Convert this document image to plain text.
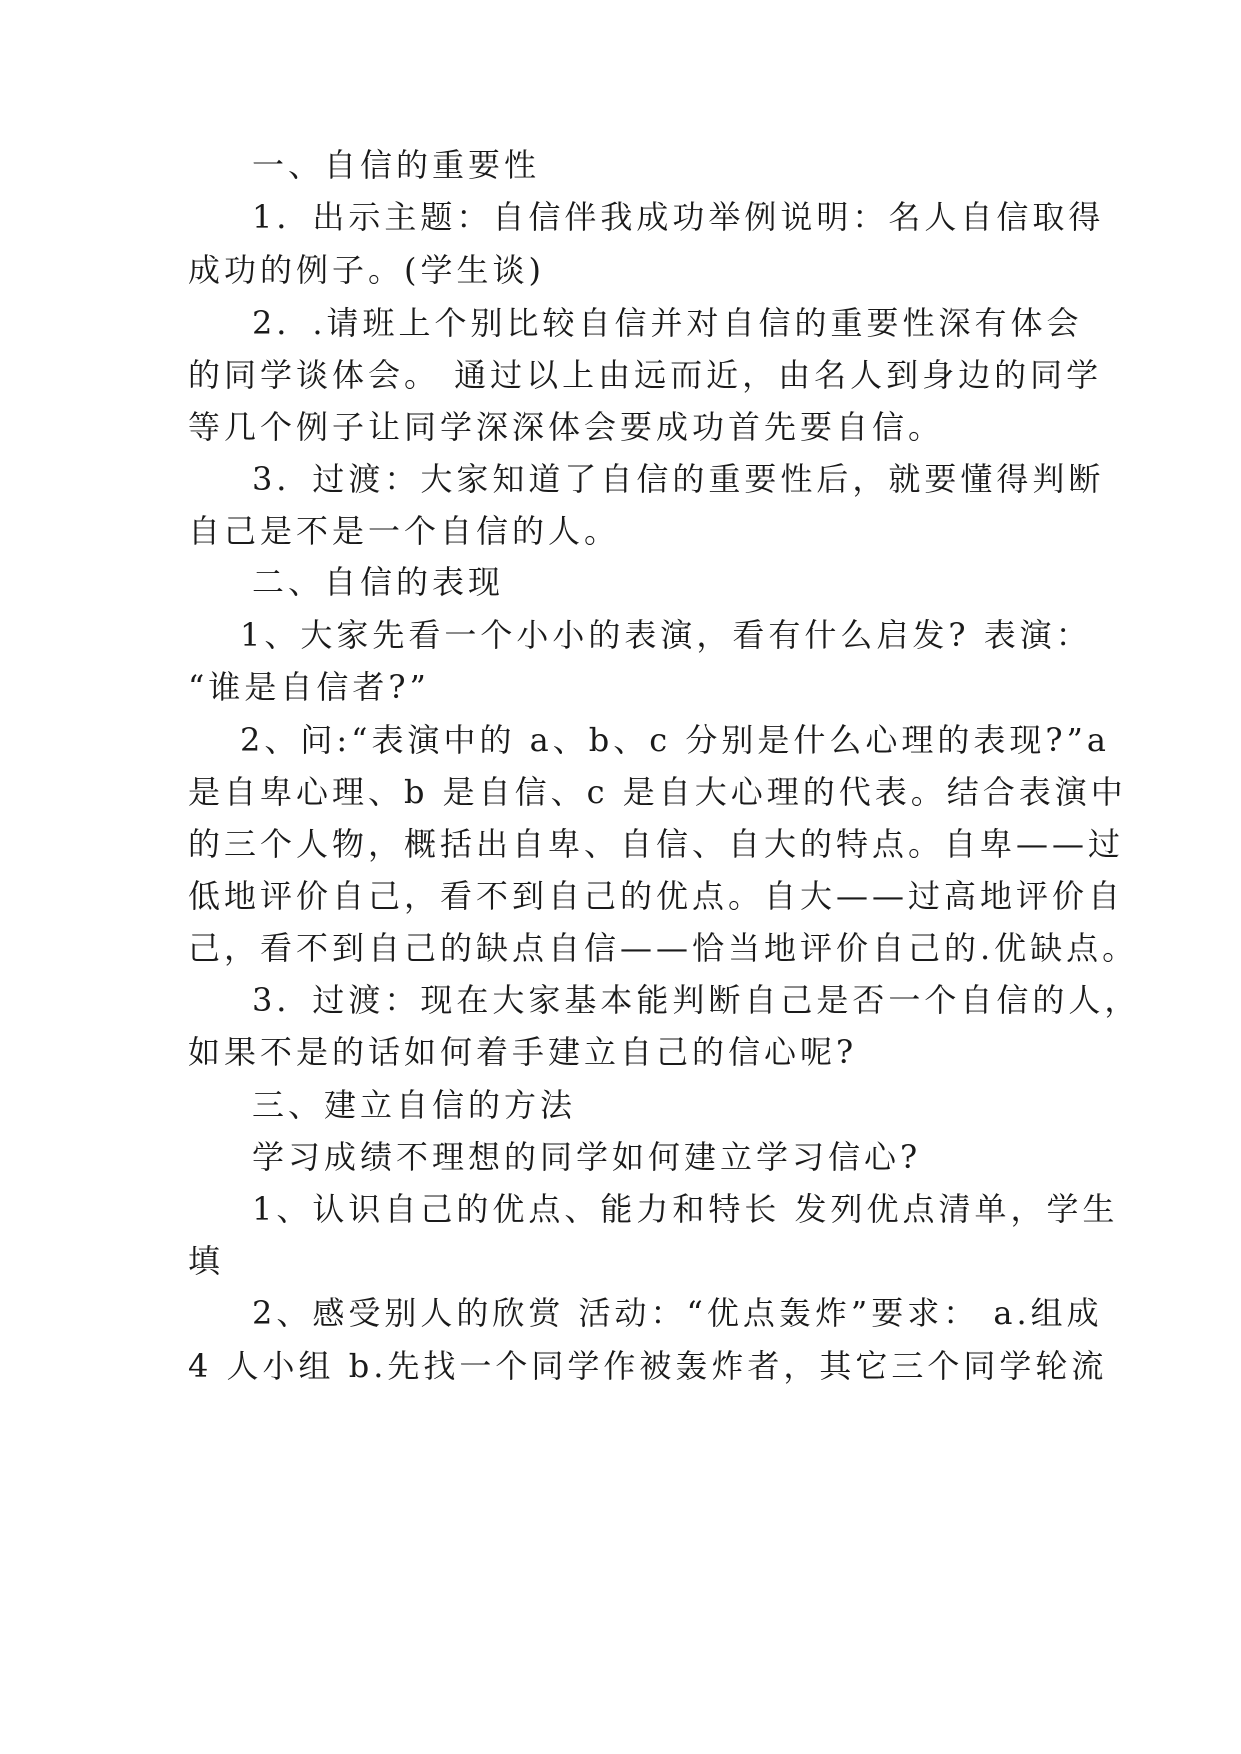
一、自信的重要性
1．出示主题：自信伴我成功举例说明：名人自信取得
成功的例子。(学生谈)
2．.请班上个别比较自信并对自信的重要性深有体会
的同学谈体会。 通过以上由远而近，由名人到身边的同学
等几个例子让同学深深体会要成功首先要自信。
3．过渡：大家知道了自信的重要性后，就要懂得判断
自己是不是一个自信的人。
二、自信的表现
1、大家先看一个小小的表演，看有什么启发? 表演：
“谁是自信者?”
2、问:“表演中的 a、b、c 分别是什么心理的表现?”a
是自卑心理、b 是自信、c 是自大心理的代表。结合表演中
的三个人物，概括出自卑、自信、自大的特点。自卑——过
低地评价自己，看不到自己的优点。自大——过高地评价自
己，看不到自己的缺点自信——恰当地评价自己的.优缺点。
3．过渡：现在大家基本能判断自己是否一个自信的人，
如果不是的话如何着手建立自己的信心呢?
三、建立自信的方法
学习成绩不理想的同学如何建立学习信心?
1、认识自己的优点、能力和特长 发列优点清单，学生
填
2、感受别人的欣赏 活动：“优点轰炸”要求： a.组成
4 人小组 b.先找一个同学作被轰炸者，其它三个同学轮流
